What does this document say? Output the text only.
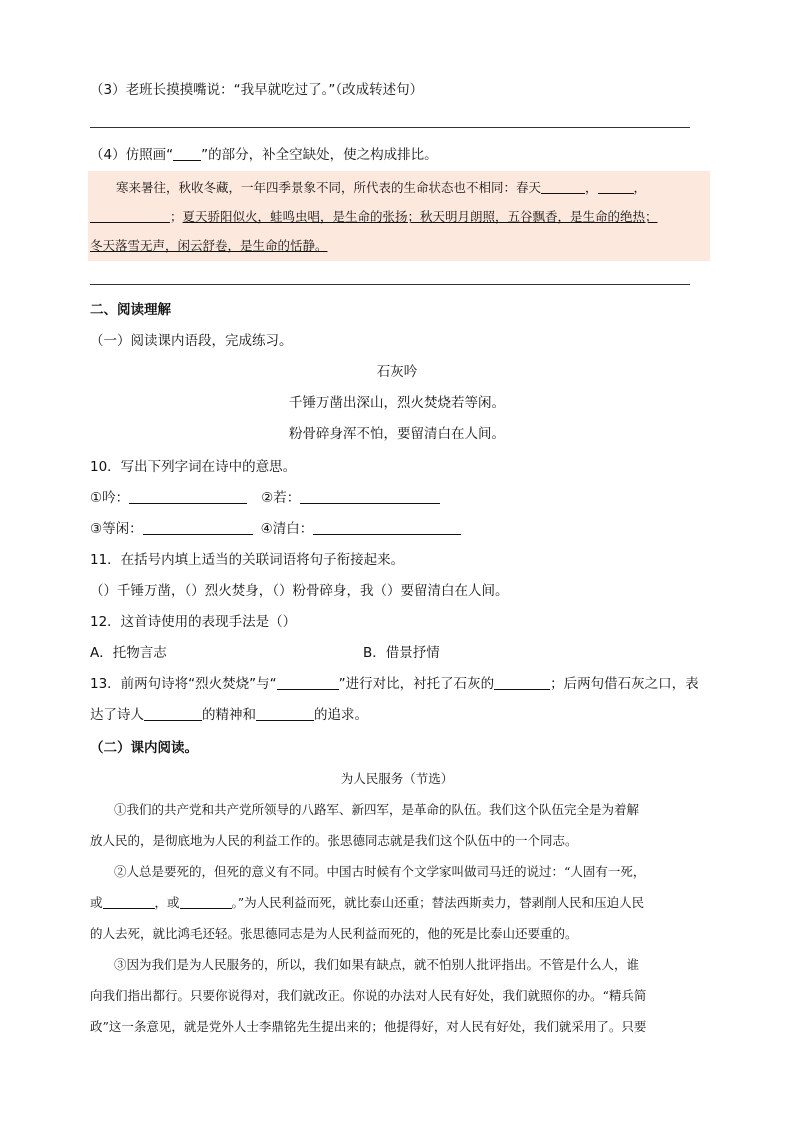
（3）老班长摸摸嘴说：“我早就吃过了。”（改成转述句）
（4）仿照画“ ”的部分，补全空缺处，使之构成排比。
寒来暑往，秋收冬藏，一年四季景象不同，所代表的生命状态也不相同：春天	，	，
；夏天骄阳似火，蛙鸣虫唱，是生命的张扬；秋天明月朗照，五谷飘香，是生命的绝热；
冬天落雪无声，闲云舒卷，是生命的恬静。
二、阅读理解
（一）阅读课内语段，完成练习。
石灰吟
千锤万凿出深山，烈火焚烧若等闲。
粉骨碎身浑不怕，要留清白在人间。
10．写出下列字词在诗中的意思。
①吟：	②若：
③等闲：	④清白：
11．在括号内填上适当的关联词语将句子衔接起来。
（）千锤万凿，（）烈火焚身，（）粉骨碎身，我（）要留清白在人间。
12．这首诗使用的表现手法是（）
A．托物言志	B．借景抒情
13．前两句诗将“烈火焚烧”与“	”进行对比，衬托了石灰的	；后两句借石灰之口，表
达了诗人	的精神和	的追求。
（二）课内阅读。
为人民服务（节选）
①我们的共产党和共产党所领导的八路军、新四军，是革命的队伍。我们这个队伍完全是为着解
放人民的，是彻底地为人民的利益工作的。张思德同志就是我们这个队伍中的一个同志。
②人总是要死的，但死的意义有不同。中国古时候有个文学家叫做司马迁的说过：“人固有一死，
或	，或	。”为人民利益而死，就比泰山还重；替法西斯卖力，替剥削人民和压迫人民
的人去死，就比鸿毛还轻。张思德同志是为人民利益而死的，他的死是比泰山还要重的。
③因为我们是为人民服务的，所以，我们如果有缺点，就不怕别人批评指出。不管是什么人，谁
向我们指出都行。只要你说得对，我们就改正。你说的办法对人民有好处，我们就照你的办。“精兵简
政”这一条意见，就是党外人士李鼎铭先生提出来的；他提得好，对人民有好处，我们就采用了。只要
